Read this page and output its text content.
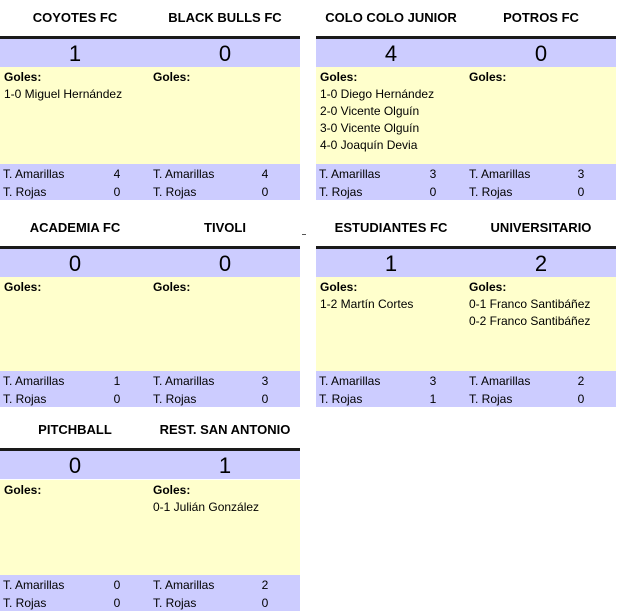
COYOTES FC	BLACK BULLS FC
1	0
Goles:
1-0 Miguel Hernández
Goles:
T. Amarillas	4
T. Rojas	0
T. Amarillas	4
T. Rojas	0
COLO COLO JUNIOR	POTROS FC
4	0
Goles:
1-0 Diego Hernández
2-0 Vicente Olguín
3-0 Vicente Olguín
4-0 Joaquín Devia
Goles:
T. Amarillas	3
T. Rojas	0
T. Amarillas	3
T. Rojas	0
ACADEMIA FC	TIVOLI
0	0
Goles:	Goles:
T. Amarillas	1
T. Rojas	0
T. Amarillas	3
T. Rojas	0
ESTUDIANTES FC	UNIVERSITARIO
1	2
Goles:
1-2 Martín Cortes
Goles:
0-1 Franco Santibáñez
0-2 Franco Santibáñez
T. Amarillas	3
T. Rojas	1
T. Amarillas	2
T. Rojas	0
PITCHBALL	REST. SAN ANTONIO
0	1
Goles:	Goles:
0-1 Julián González
T. Amarillas	0
T. Rojas	0
T. Amarillas	2
T. Rojas	0
